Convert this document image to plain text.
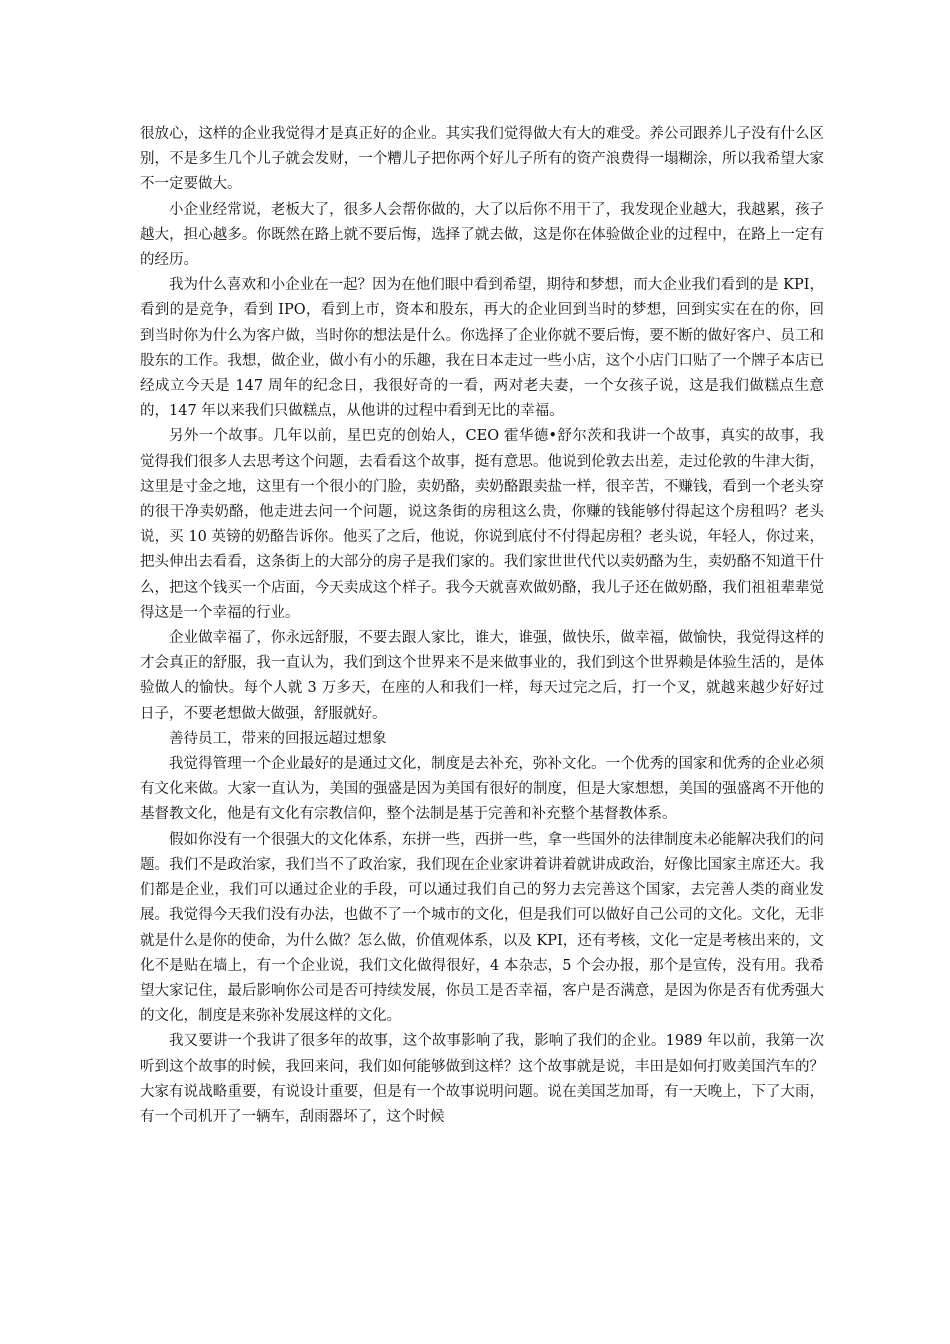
很放心，这样的企业我觉得才是真正好的企业。其实我们觉得做大有大的难受。养公司跟养儿子没有什么区别，不是多生几个儿子就会发财，一个糟儿子把你两个好儿子所有的资产浪费得一塌糊涂，所以我希望大家不一定要做大。

小企业经常说，老板大了，很多人会帮你做的，大了以后你不用干了，我发现企业越大，我越累，孩子越大，担心越多。你既然在路上就不要后悔，选择了就去做，这是你在体验做企业的过程中，在路上一定有的经历。

我为什么喜欢和小企业在一起？因为在他们眼中看到希望，期待和梦想，而大企业我们看到的是 KPI，看到的是竞争，看到 IPO，看到上市，资本和股东，再大的企业回到当时的梦想，回到实实在在的你，回到当时你为什么为客户做，当时你的想法是什么。你选择了企业你就不要后悔，要不断的做好客户、员工和股东的工作。我想，做企业，做小有小的乐趣，我在日本走过一些小店，这个小店门口贴了一个牌子本店已经成立今天是 147 周年的纪念日，我很好奇的一看，两对老夫妻，一个女孩子说，这是我们做糕点生意的，147 年以来我们只做糕点，从他讲的过程中看到无比的幸福。

另外一个故事。几年以前，星巴克的创始人，CEO 霍华德•舒尔茨和我讲一个故事，真实的故事，我觉得我们很多人去思考这个问题，去看看这个故事，挺有意思。他说到伦敦去出差，走过伦敦的牛津大街，这里是寸金之地，这里有一个很小的门脸，卖奶酪，卖奶酪跟卖盐一样，很辛苦，不赚钱，看到一个老头穿的很干净卖奶酪，他走进去问一个问题，说这条街的房租这么贵，你赚的钱能够付得起这个房租吗？老头说，买 10 英镑的奶酪告诉你。他买了之后，他说，你说到底付不付得起房租？老头说，年轻人，你过来，把头伸出去看看，这条街上的大部分的房子是我们家的。我们家世世代代以卖奶酪为生，卖奶酪不知道干什么，把这个钱买一个店面，今天卖成这个样子。我今天就喜欢做奶酪，我儿子还在做奶酪，我们祖祖辈辈觉得这是一个幸福的行业。

企业做幸福了，你永远舒服，不要去跟人家比，谁大，谁强，做快乐，做幸福，做愉快，我觉得这样的才会真正的舒服，我一直认为，我们到这个世界来不是来做事业的，我们到这个世界赖是体验生活的，是体验做人的愉快。每个人就 3 万多天，在座的人和我们一样，每天过完之后，打一个叉，就越来越少好好过日子，不要老想做大做强，舒服就好。

善待员工，带来的回报远超过想象

我觉得管理一个企业最好的是通过文化，制度是去补充，弥补文化。一个优秀的国家和优秀的企业必须有文化来做。大家一直认为，美国的强盛是因为美国有很好的制度，但是大家想想，美国的强盛离不开他的基督教文化，他是有文化有宗教信仰，整个法制是基于完善和补充整个基督教体系。

假如你没有一个很强大的文化体系，东拼一些，西拼一些，拿一些国外的法律制度未必能解决我们的问题。我们不是政治家，我们当不了政治家，我们现在企业家讲着讲着就讲成政治，好像比国家主席还大。我们都是企业，我们可以通过企业的手段，可以通过我们自己的努力去完善这个国家，去完善人类的商业发展。我觉得今天我们没有办法，也做不了一个城市的文化，但是我们可以做好自己公司的文化。文化，无非就是什么是你的使命，为什么做？怎么做，价值观体系，以及 KPI，还有考核，文化一定是考核出来的，文化不是贴在墙上，有一个企业说，我们文化做得很好，4 本杂志，5 个会办报，那个是宣传，没有用。我希望大家记住，最后影响你公司是否可持续发展，你员工是否幸福，客户是否满意，是因为你是否有优秀强大的文化，制度是来弥补发展这样的文化。

我又要讲一个我讲了很多年的故事，这个故事影响了我，影响了我们的企业。1989 年以前，我第一次听到这个故事的时候，我回来问，我们如何能够做到这样？这个故事就是说，丰田是如何打败美国汽车的？大家有说战略重要，有说设计重要，但是有一个故事说明问题。说在美国芝加哥，有一天晚上，下了大雨，有一个司机开了一辆车，刮雨器坏了，这个时候
